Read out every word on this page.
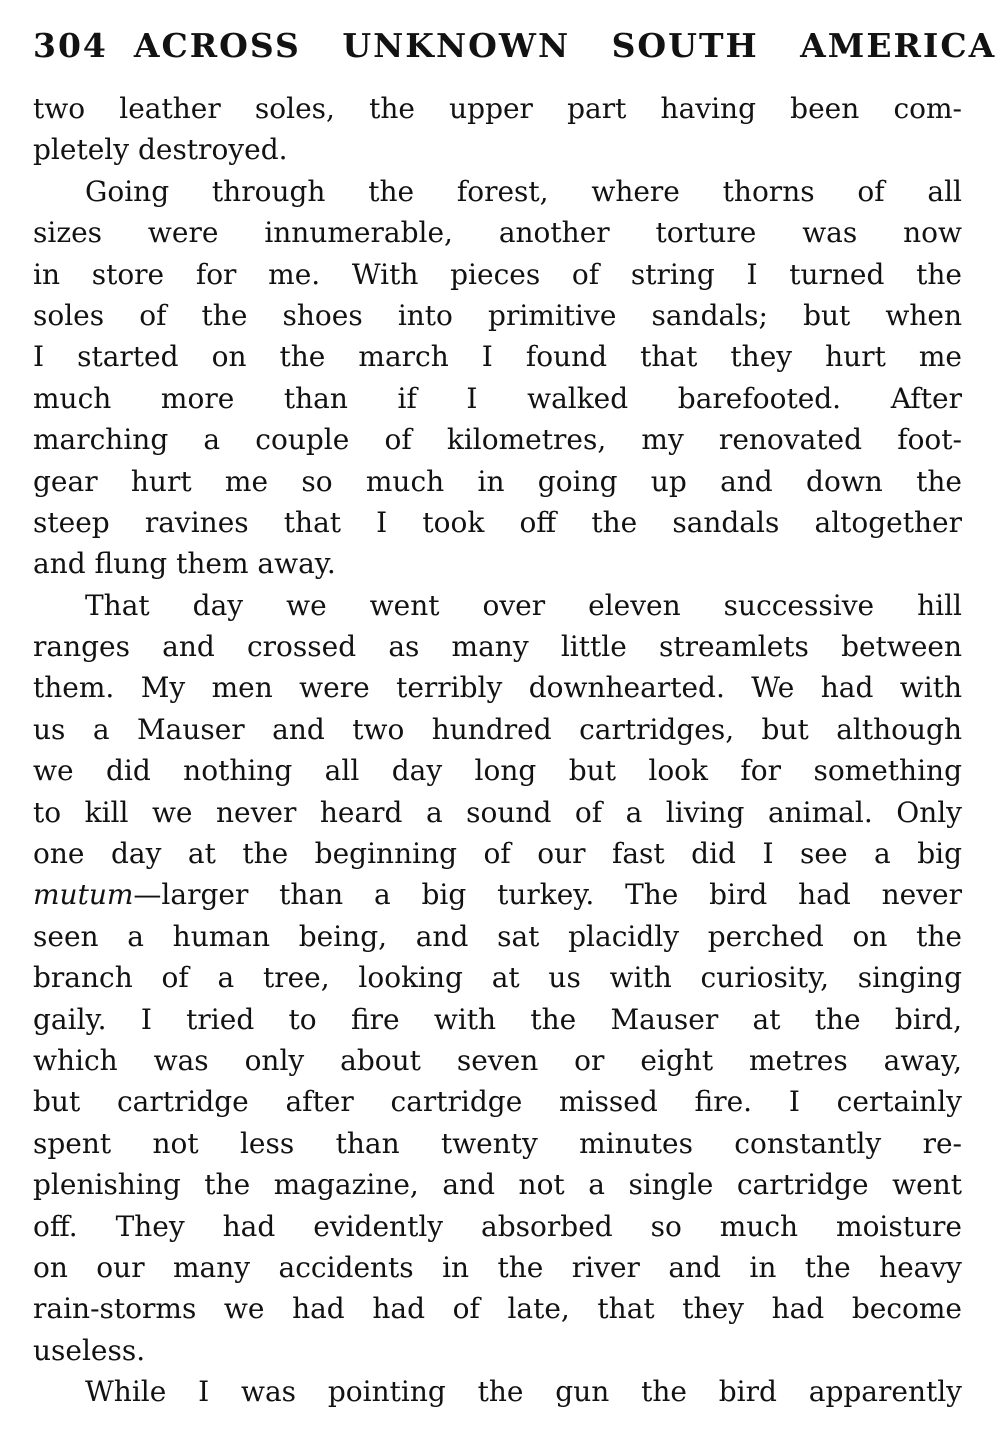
304 ACROSS UNKNOWN SOUTH AMERICA
two leather soles, the upper part having been com-
pletely destroyed.
Going through the forest, where thorns of all
sizes were innumerable, another torture was now
in store for me. With pieces of string I turned the
soles of the shoes into primitive sandals; but when
I started on the march I found that they hurt me
much more than if I walked barefooted. After
marching a couple of kilometres, my renovated foot-
gear hurt me so much in going up and down the
steep ravines that I took off the sandals altogether
and flung them away.
That day we went over eleven successive hill
ranges and crossed as many little streamlets between
them. My men were terribly downhearted. We had with
us a Mauser and two hundred cartridges, but although
we did nothing all day long but look for something
to kill we never heard a sound of a living animal. Only
one day at the beginning of our fast did I see a big
mutum—larger than a big turkey. The bird had never
seen a human being, and sat placidly perched on the
branch of a tree, looking at us with curiosity, singing
gaily. I tried to fire with the Mauser at the bird,
which was only about seven or eight metres away,
but cartridge after cartridge missed fire. I certainly
spent not less than twenty minutes constantly re-
plenishing the magazine, and not a single cartridge went
off. They had evidently absorbed so much moisture
on our many accidents in the river and in the heavy
rain-storms we had had of late, that they had become
useless.
While I was pointing the gun the bird apparently
